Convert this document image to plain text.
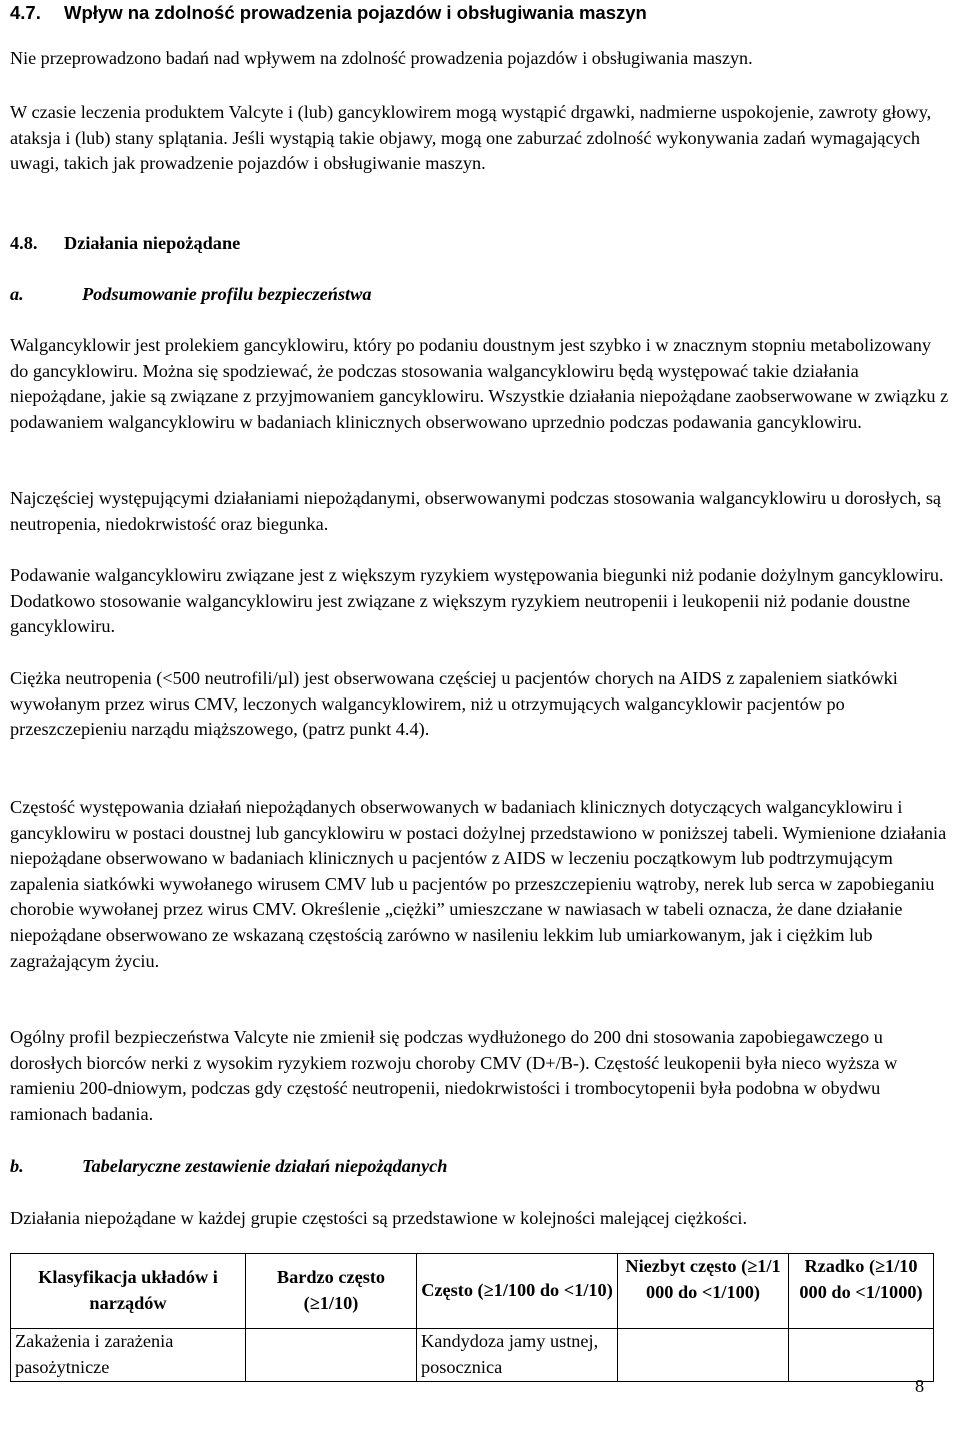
4.7. Wpływ na zdolność prowadzenia pojazdów i obsługiwania maszyn

Nie przeprowadzono badań nad wpływem na zdolność prowadzenia pojazdów i obsługiwania maszyn.

W czasie leczenia produktem Valcyte i (lub) gancyklowirem mogą wystąpić drgawki, nadmierne uspokojenie, zawroty głowy, ataksja i (lub) stany splątania. Jeśli wystąpią takie objawy, mogą one zaburzać zdolność wykonywania zadań wymagających uwagi, takich jak prowadzenie pojazdów i obsługiwanie maszyn.

4.8. Działania niepożądane
a.	Podsumowanie profilu bezpieczeństwa

Walgancyklowir jest prolekiem gancyklowiru, który po podaniu doustnym jest szybko i w znacznym stopniu metabolizowany do gancyklowiru. Można się spodziewać, że podczas stosowania walgancyklowiru będą występować takie działania niepożądane, jakie są związane z przyjmowaniem gancyklowiru. Wszystkie działania niepożądane zaobserwowane w związku z podawaniem walgancyklowiru w badaniach klinicznych obserwowano uprzednio podczas podawania gancyklowiru.

Najczęściej występującymi działaniami niepożądanymi, obserwowanymi podczas stosowania walgancyklowiru u dorosłych, są neutropenia, niedokrwistość oraz biegunka.

Podawanie walgancyklowiru związane jest z większym ryzykiem występowania biegunki niż podanie dożylnym gancyklowiru. Dodatkowo stosowanie walgancyklowiru jest związane z większym ryzykiem neutropenii i leukopenii niż podanie doustne gancyklowiru.

Ciężka neutropenia (<500 neutrofili/µl) jest obserwowana częściej u pacjentów chorych na AIDS z zapaleniem siatkówki wywołanym przez wirus CMV, leczonych walgancyklowirem, niż u otrzymujących walgancyklowir pacjentów po przeszczepieniu narządu miąższowego, (patrz punkt 4.4).

Częstość występowania działań niepożądanych obserwowanych w badaniach klinicznych dotyczących walgancyklowiru i gancyklowiru w postaci doustnej lub gancyklowiru w postaci dożylnej przedstawiono w poniższej tabeli. Wymienione działania niepożądane obserwowano w badaniach klinicznych u pacjentów z AIDS w leczeniu początkowym lub podtrzymującym zapalenia siatkówki wywołanego wirusem CMV lub u pacjentów po przeszczepieniu wątroby, nerek lub serca w zapobieganiu chorobie wywołanej przez wirus CMV. Określenie „ciężki” umieszczane w nawiasach w tabeli oznacza, że dane działanie niepożądane obserwowano ze wskazaną częstością zarówno w nasileniu lekkim lub umiarkowanym, jak i ciężkim lub zagrażającym życiu.

Ogólny profil bezpieczeństwa Valcyte nie zmienił się podczas wydłużonego do 200 dni stosowania zapobiegawczego u dorosłych biorców nerki z wysokim ryzykiem rozwoju choroby CMV (D+/B-). Częstość leukopenii była nieco wyższa w ramieniu 200-dniowym, podczas gdy częstość neutropenii, niedokrwistości i trombocytopenii była podobna w obydwu ramionach badania.

b.	Tabelaryczne zestawienie działań niepożądanych

Działania niepożądane w każdej grupie częstości są przedstawione w kolejności malejącej ciężkości.

Klasyfikacja układów i narządów	Bardzo często (≥1/10)	Często (≥1/100 do <1/10)	Niezbyt często (≥1/1 000 do <1/100)	Rzadko (≥1/10 000 do <1/1000)
Zakażenia i zarażenia pasożytnicze		Kandydoza jamy ustnej, posocznica		
8
